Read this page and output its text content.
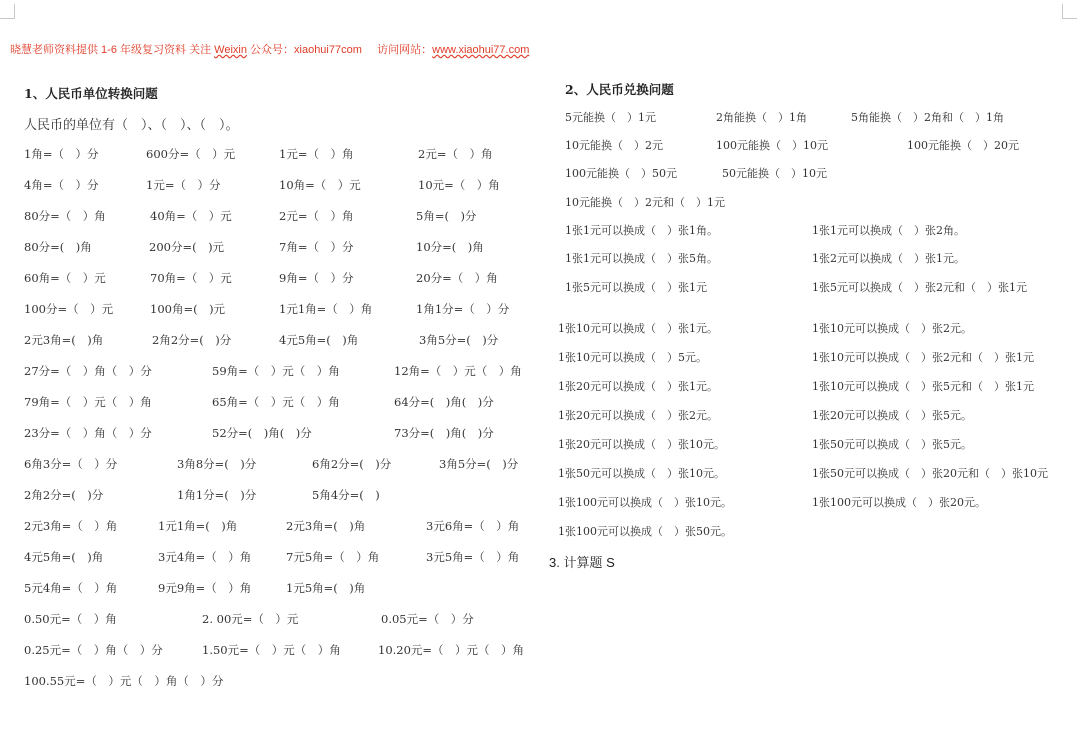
晓慧老师资料提供 1-6 年级复习资料 关注 Weixin 公众号：xiaohui77com 访问网站：www.xiaohui77.com
1、人民币单位转换问题
人民币的单位有（　）、（　）、（　）。
2、人民币兑换问题
3. 计算题 S
1角=（　）分	600分=（　）元	1元=（　）角	2元=（　）角
4角=（　）分	1元=（　）分	10角=（　）元	10元=（　）角
80分=（　）角	40角=（　）元	2元=（　）角	5角=(　)分
80分=(　)角	200分=(　)元	7角=（　）分	10分=(　)角
60角=（　）元	70角=（　）元	9角=（　）分	20分=（　）角
100分=（　）元	100角=(　)元	1元1角=（　）角	1角1分=（　）分
2元3角=(　)角	2角2分=(　)分	4元5角=(　)角	3角5分=(　)分
27分=（　）角（　）分	59角=（　）元（　）角	12角=（　）元（　）角
79角=（　）元（　）角	65角=（　）元（　）角	64分=(　)角(　)分
23分=（　）角（　）分	52分=(　)角(　)分	73分=(　)角(　)分
6角3分=（　）分	3角8分=(　)分	6角2分=(　)分	3角5分=(　)分
2角2分=(　)分	1角1分=(　)分	5角4分=(　)
2元3角=（　）角	1元1角=(　)角	2元3角=(　)角	3元6角=（　）角
4元5角=(　)角	3元4角=（　）角	7元5角=（　）角	3元5角=（　）角
5元4角=（　）角	9元9角=（　）角	1元5角=(　)角
0.50元=（　）角	2. 00元=（　）元	0.05元=（　）分
0.25元=（　）角（　）分	1.50元=（　）元（　）角	10.20元=（　）元（　）角
100.55元=（　）元（　）角（　）分
5元能换（　）1元	2角能换（　）1角	5角能换（　）2角和（　）1角
10元能换（　）2元	100元能换（　）10元	100元能换（　）20元
100元能换（　）50元	50元能换（　）10元
10元能换（　）2元和（　）1元
1张1元可以换成（　）张1角。	1张1元可以换成（　）张2角。
1张1元可以换成（　）张5角。	1张2元可以换成（　）张1元。
1张5元可以换成（　）张1元	1张5元可以换成（　）张2元和（　）张1元
1张10元可以换成（　）张1元。	1张10元可以换成（　）张2元。
1张10元可以换成（　）5元。	1张10元可以换成（　）张2元和（　）张1元
1张20元可以换成（　）张1元。	1张10元可以换成（　）张5元和（　）张1元
1张20元可以换成（　）张2元。	1张20元可以换成（　）张5元。
1张20元可以换成（　）张10元。	1张50元可以换成（　）张5元。
1张50元可以换成（　）张10元。	1张50元可以换成（　）张20元和（　）张10元
1张100元可以换成（　）张10元。	1张100元可以换成（　）张20元。
1张100元可以换成（　）张50元。
